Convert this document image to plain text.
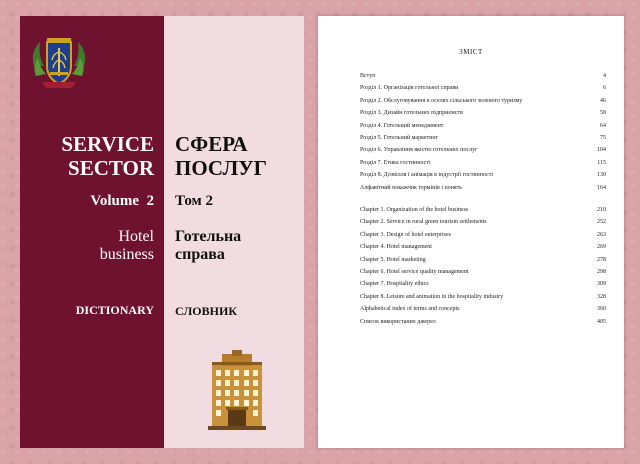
SERVICE
SECTOR
СФЕРА
ПОСЛУГ
Volume  2 Том 2
Hotel
business
Готельна
справа
DICTIONARY СЛОВНИК
ЗМІСТ
Вступ	4
Розділ 1. Організація готельної справи	6
Розділ 2. Обслуговування в оселях сільського зеленого туризму	46
Розділ 3. Дизайн готельних підприємств	58
Розділ 4. Готельний менеджмент	64
Розділ 5. Готельний маркетинг	75
Розділ 6. Управління якістю готельних послуг	104
Розділ 7. Етика гостинності	115
Розділ 8. Дозвілля і анімація в індустрії гостинності	130
Алфавітний покажчик термінів і понять	164
Chapter 1. Organization of the hotel business	210
Chapter 2. Service in rural green tourism settlements	252
Chapter 3. Design of hotel enterprises	263
Chapter 4. Hotel management	269
Chapter 5. Hotel marketing	278
Chapter 6. Hotel service quality management	298
Chapter 7. Hospitality ethics	309
Chapter 8. Leisure and animation in the hospitality industry	328
Alphabetical index of terms and concepts	360
Список використаних джерел	405
